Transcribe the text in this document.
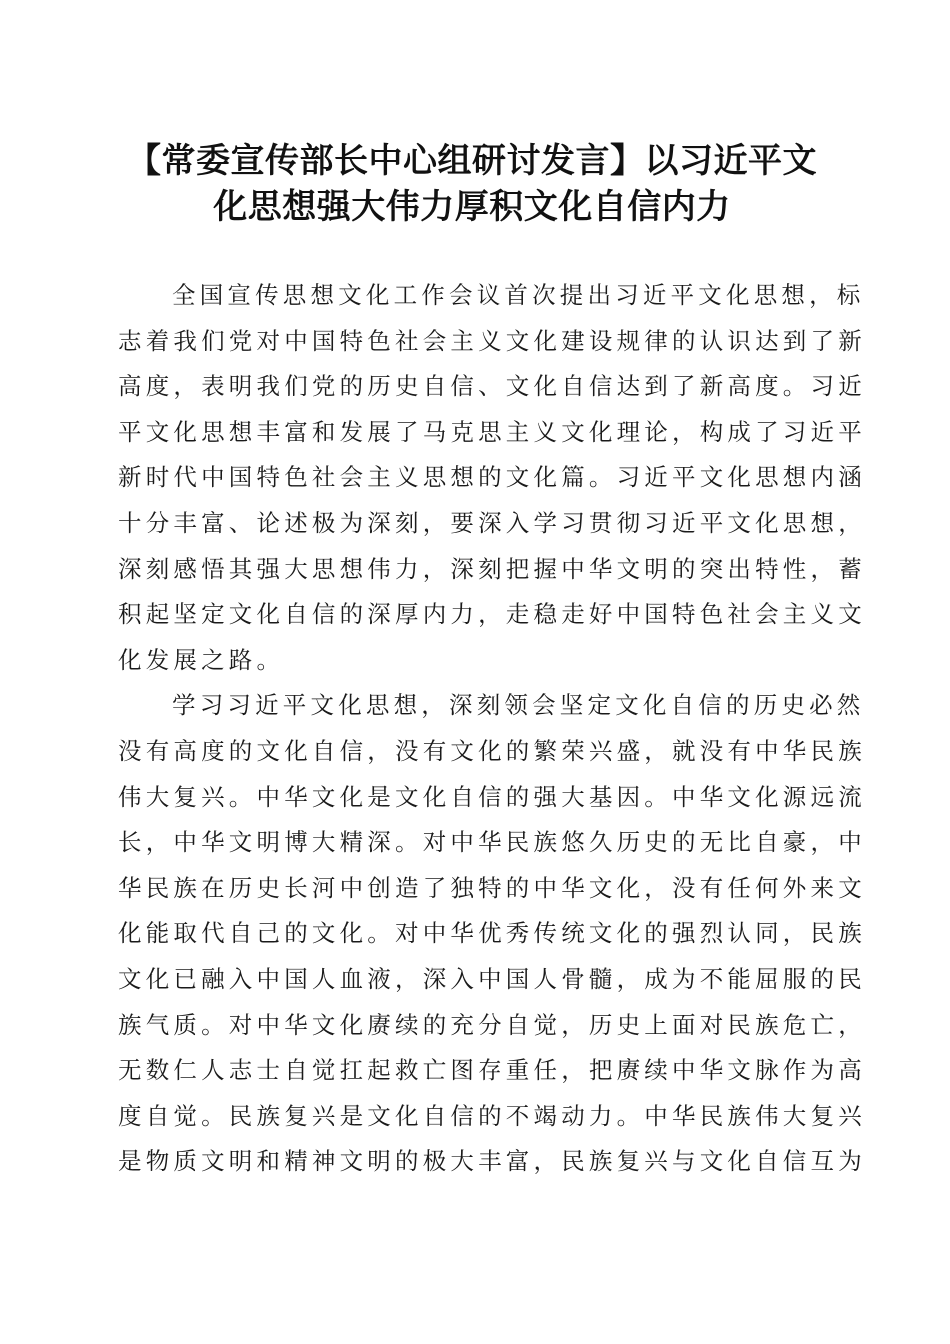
【常委宣传部长中心组研讨发言】以习近平文
化思想强大伟力厚积文化自信内力

全国宣传思想文化工作会议首次提出习近平文化思想，标
志着我们党对中国特色社会主义文化建设规律的认识达到了新
高度，表明我们党的历史自信、文化自信达到了新高度。习近
平文化思想丰富和发展了马克思主义文化理论，构成了习近平
新时代中国特色社会主义思想的文化篇。习近平文化思想内涵
十分丰富、论述极为深刻，要深入学习贯彻习近平文化思想，
深刻感悟其强大思想伟力，深刻把握中华文明的突出特性，蓄
积起坚定文化自信的深厚内力，走稳走好中国特色社会主义文
化发展之路。

学习习近平文化思想，深刻领会坚定文化自信的历史必然
没有高度的文化自信，没有文化的繁荣兴盛，就没有中华民族
伟大复兴。中华文化是文化自信的强大基因。中华文化源远流
长，中华文明博大精深。对中华民族悠久历史的无比自豪，中
华民族在历史长河中创造了独特的中华文化，没有任何外来文
化能取代自己的文化。对中华优秀传统文化的强烈认同，民族
文化已融入中国人血液，深入中国人骨髓，成为不能屈服的民
族气质。对中华文化赓续的充分自觉，历史上面对民族危亡，
无数仁人志士自觉扛起救亡图存重任，把赓续中华文脉作为高
度自觉。民族复兴是文化自信的不竭动力。中华民族伟大复兴
是物质文明和精神文明的极大丰富，民族复兴与文化自信互为
